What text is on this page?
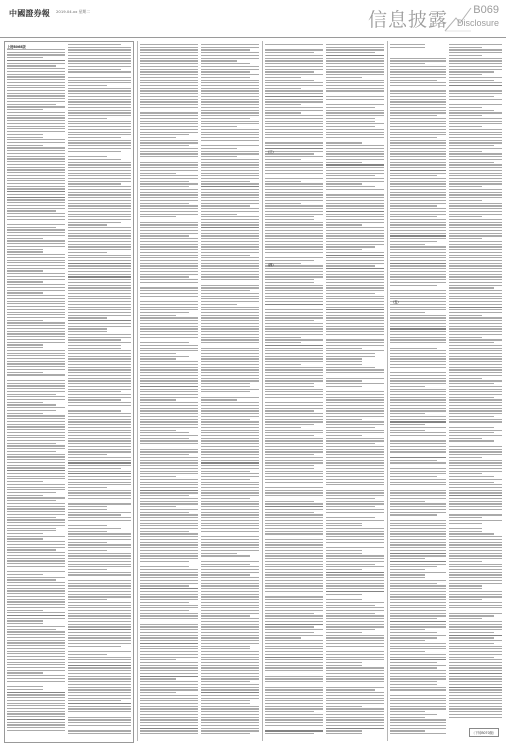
中國證券報 2019.04.xx 星期二	信息披露 B069
Disclosure
上接B068版
（三）
（四）
（五）
（下转B070版）
